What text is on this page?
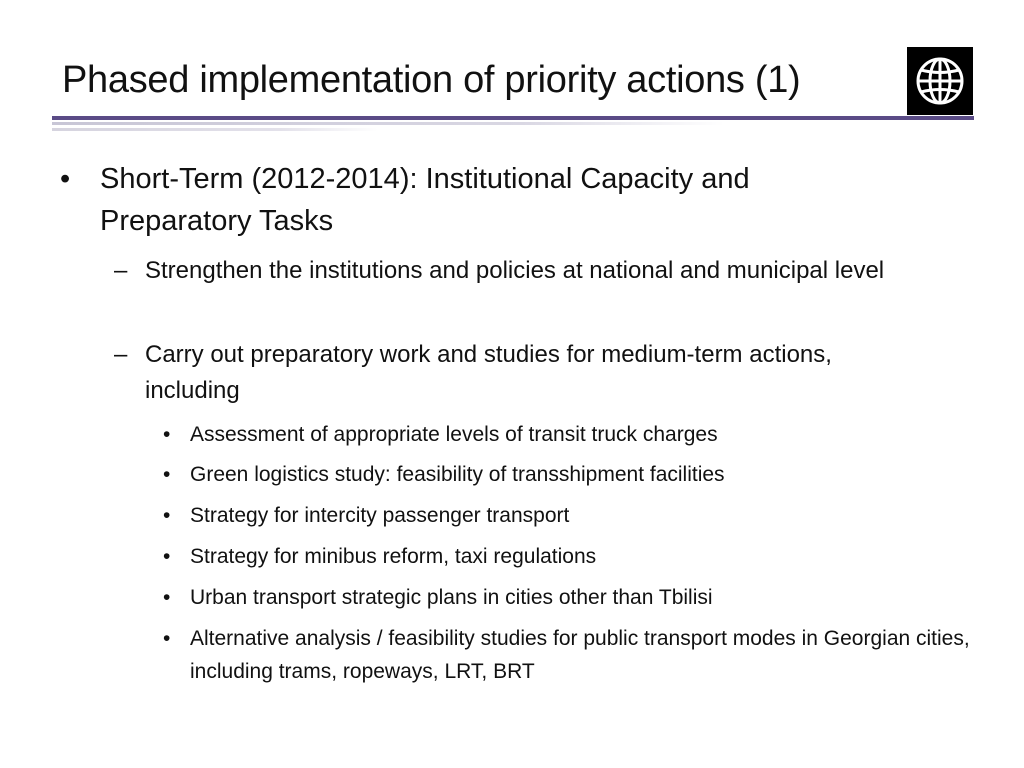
Phased implementation of priority actions (1)
• Short-Term (2012-2014): Institutional Capacity and Preparatory Tasks
– Strengthen the institutions and policies at national and municipal level
– Carry out preparatory work and studies for medium-term actions, including
• Assessment of appropriate levels of transit truck charges
• Green logistics study: feasibility of transshipment facilities
• Strategy for intercity passenger transport
• Strategy for minibus reform, taxi regulations
• Urban transport strategic plans in cities other than Tbilisi
• Alternative analysis / feasibility studies for public transport modes in Georgian cities, including trams, ropeways, LRT, BRT
